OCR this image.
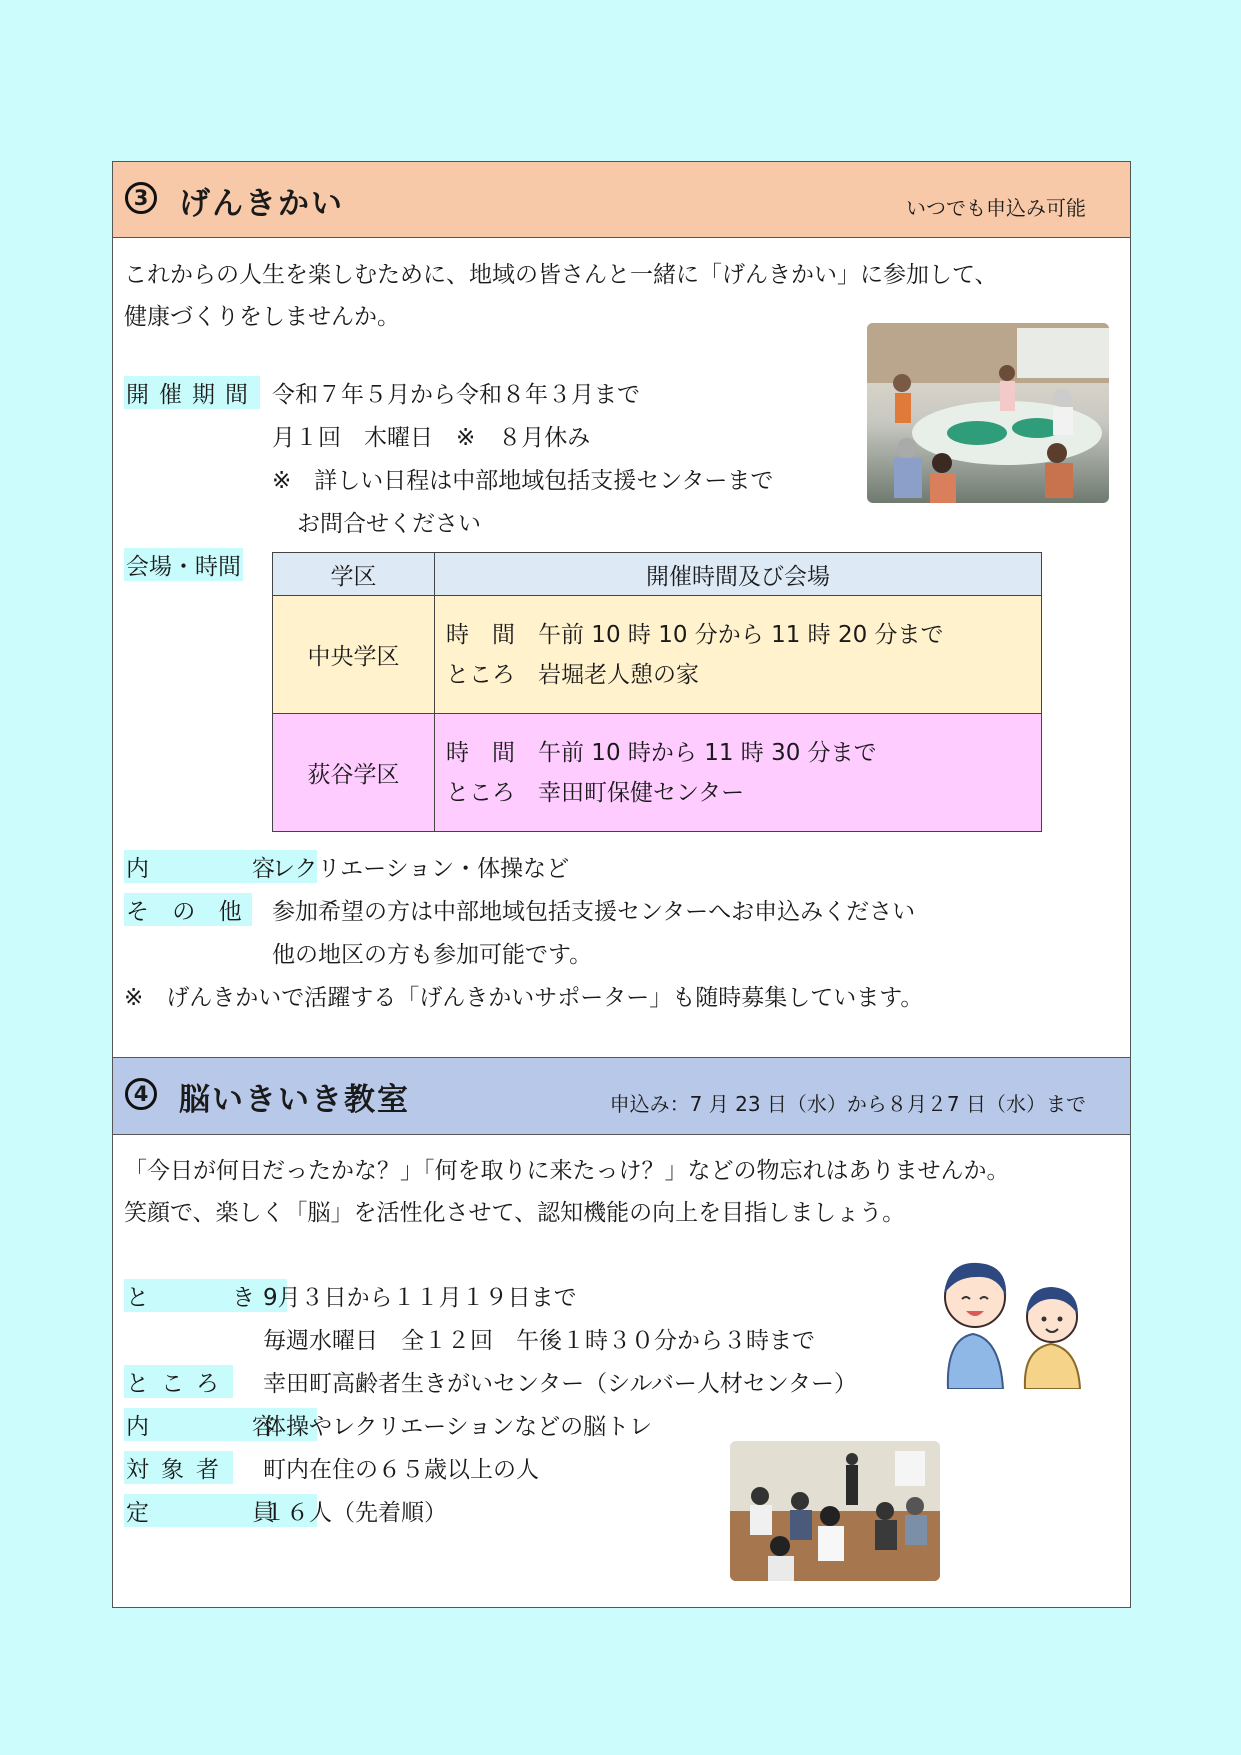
3 げんきかい	いつでも申込み可能
これからの人生を楽しむために、地域の皆さんと一緒に「げんきかい」に参加して、
健康づくりをしませんか。
開催期間 令和７年５月から令和８年３月まで
月１回　木曜日　※　８月休み
※　詳しい日程は中部地域包括支援センターまで
お問合せください
会場・時間	学区	開催時間及び会場
中央学区	時　間　午前 10 時 10 分から 11 時 20 分まで
ところ　岩堀老人憩の家

荻谷学区	時　間　午前 10 時から 11 時 30 分まで
ところ　幸田町保健センター
内　容
レクリエーション・体操など
そ の 他 参加希望の方は中部地域包括支援センターへお申込みください
他の地区の方も参加可能です。
※　げんきかいで活躍する「げんきかいサポーター」も随時募集しています。
4 脳いきいき教室	申込み：7 月 23 日（水）から８月２7 日（水）まで
「今日が何日だったかな？」「何を取りに来たっけ？」などの物忘れはありませんか。
笑顔で、楽しく「脳」を活性化させて、認知機能の向上を目指しましょう。
と　き
9月３日から１１月１９日まで
毎週水曜日　全１２回　午後１時３０分から３時まで
ところ 幸田町高齢者生きがいセンター（シルバー人材センター）
内　容
体操やレクリエーションなどの脳トレ
対象者 町内在住の６５歳以上の人
定　員
１６人（先着順）
